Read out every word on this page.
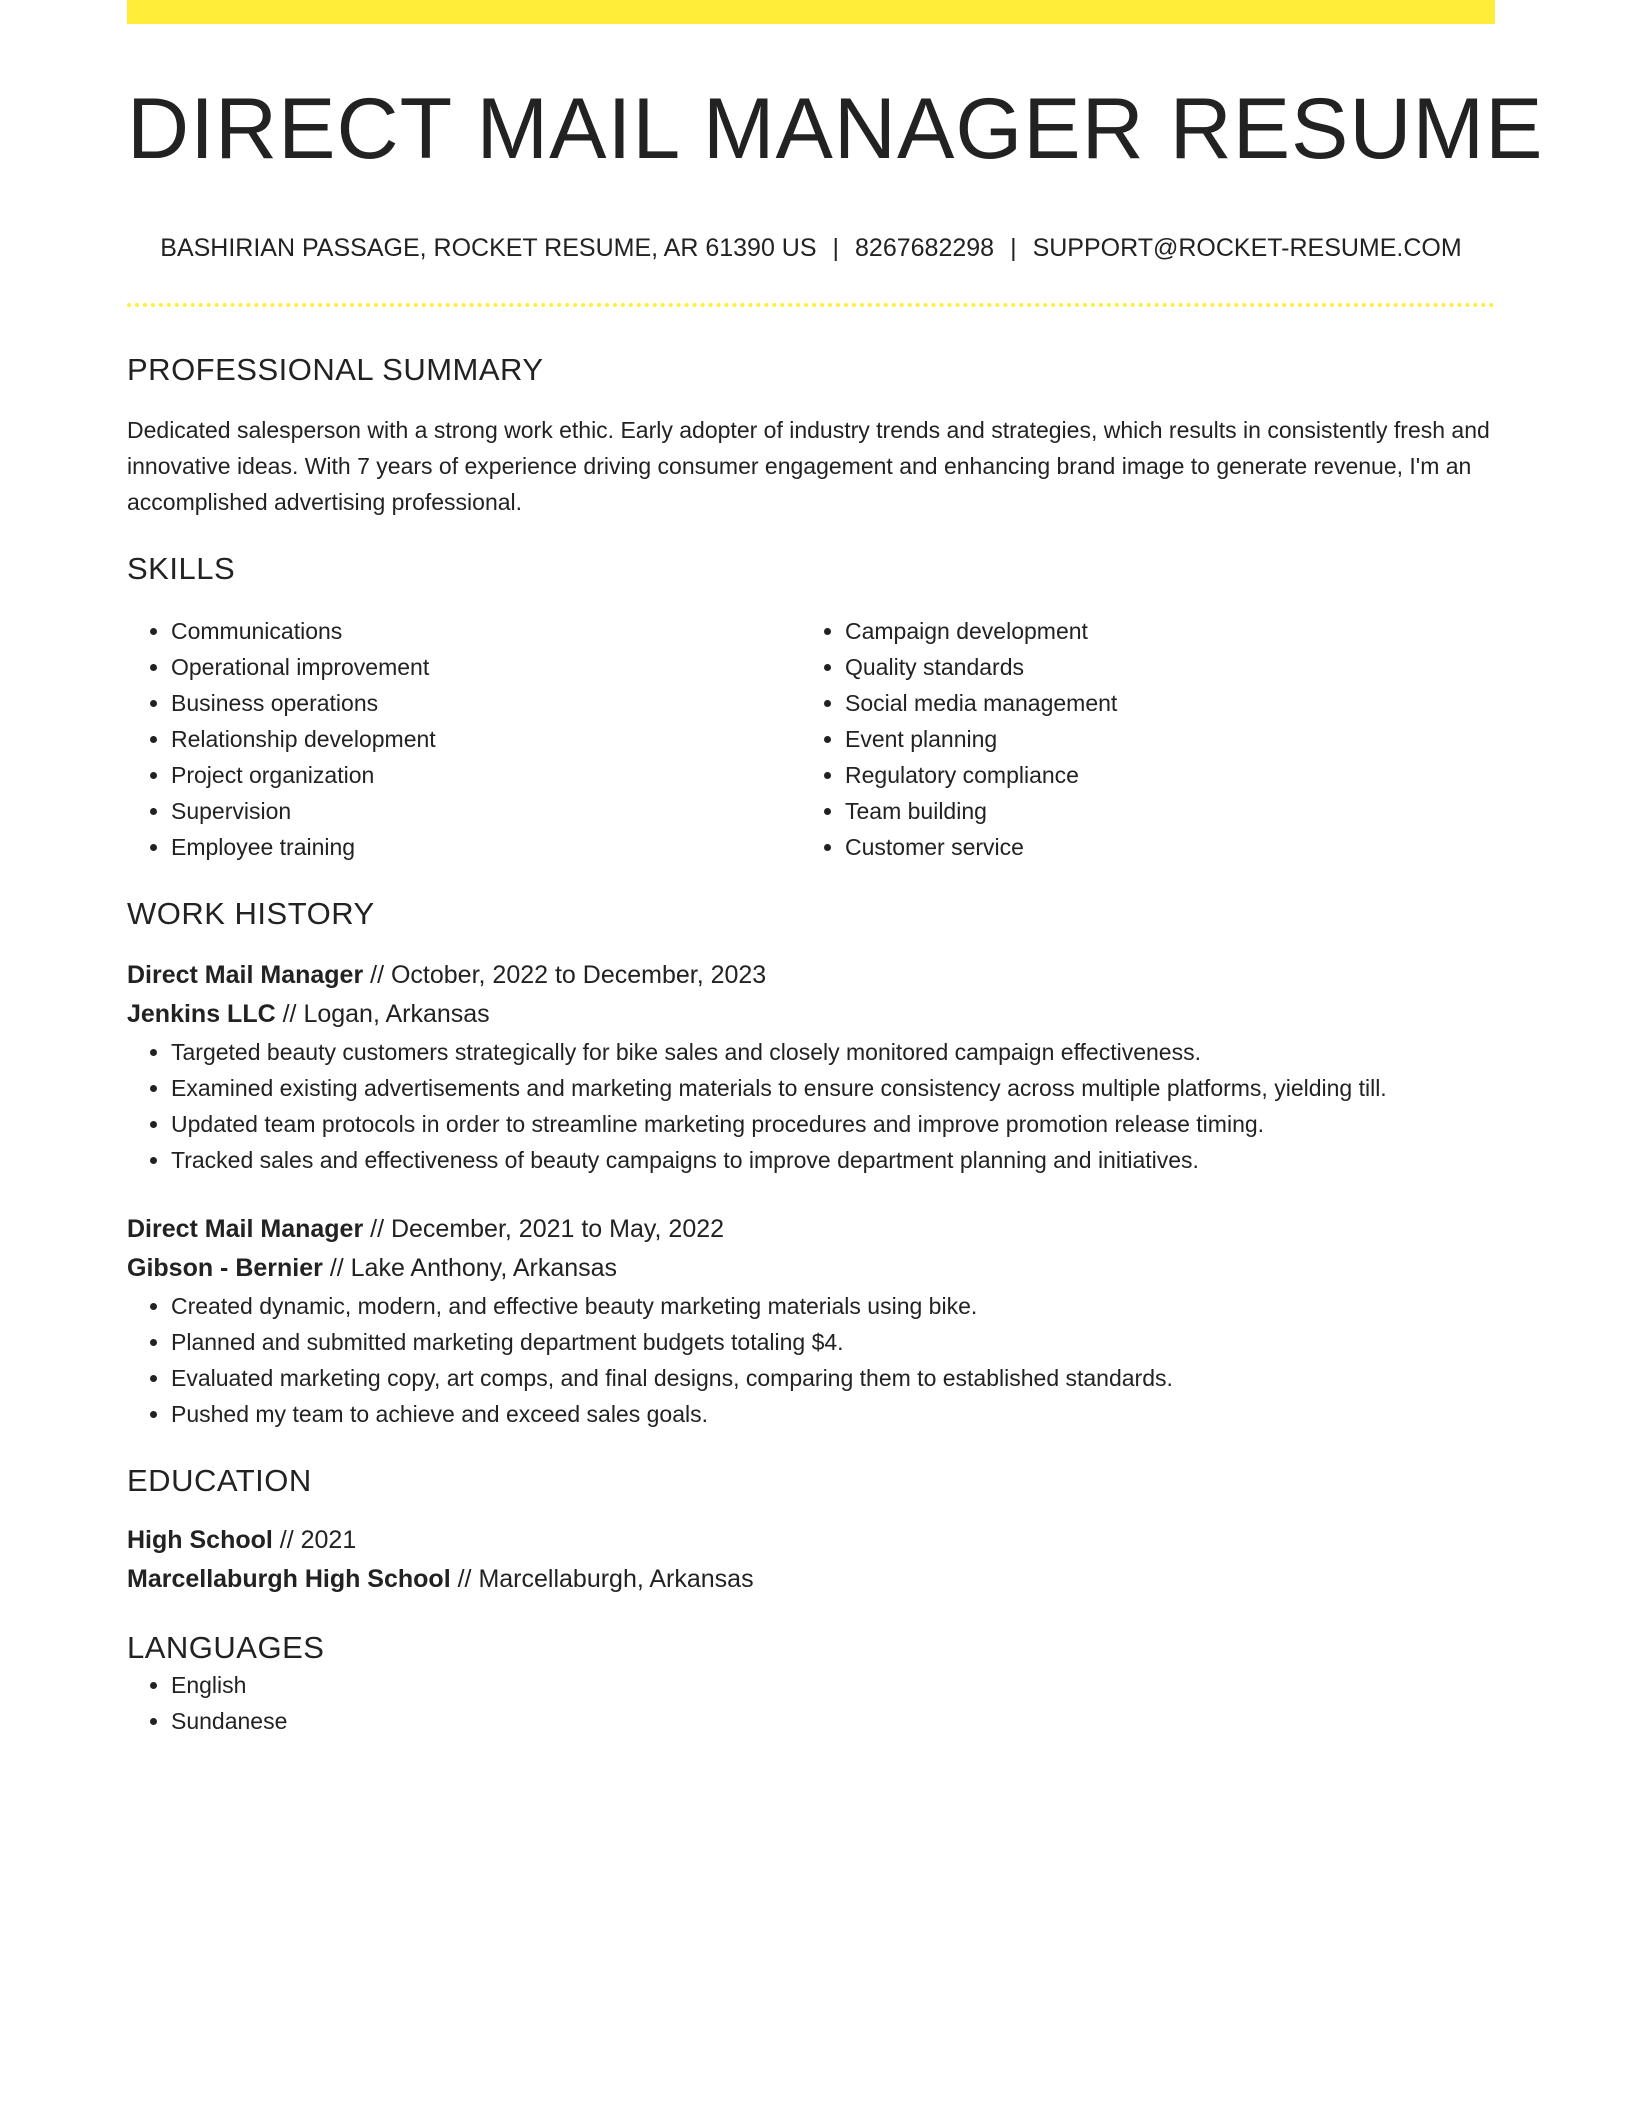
DIRECT MAIL MANAGER RESUME
BASHIRIAN PASSAGE, ROCKET RESUME, AR 61390 US | 8267682298 | SUPPORT@ROCKET-RESUME.COM
PROFESSIONAL SUMMARY

Dedicated salesperson with a strong work ethic. Early adopter of industry trends and strategies, which results in consistently fresh and innovative ideas. With 7 years of experience driving consumer engagement and enhancing brand image to generate revenue, I'm an accomplished advertising professional.

SKILLS
• Communications
• Operational improvement
• Business operations
• Relationship development
• Project organization
• Supervision
• Employee training
• Campaign development
• Quality standards
• Social media management
• Event planning
• Regulatory compliance
• Team building
• Customer service
WORK HISTORY

Direct Mail Manager // October, 2022 to December, 2023

Jenkins LLC // Logan, Arkansas

• Targeted beauty customers strategically for bike sales and closely monitored campaign effectiveness.
• Examined existing advertisements and marketing materials to ensure consistency across multiple platforms, yielding till.
• Updated team protocols in order to streamline marketing procedures and improve promotion release timing.
• Tracked sales and effectiveness of beauty campaigns to improve department planning and initiatives.

Direct Mail Manager // December, 2021 to May, 2022

Gibson - Bernier // Lake Anthony, Arkansas

• Created dynamic, modern, and effective beauty marketing materials using bike.
• Planned and submitted marketing department budgets totaling $4.
• Evaluated marketing copy, art comps, and final designs, comparing them to established standards.
• Pushed my team to achieve and exceed sales goals.
EDUCATION

High School // 2021

Marcellaburgh High School // Marcellaburgh, Arkansas

LANGUAGES
• English
• Sundanese
